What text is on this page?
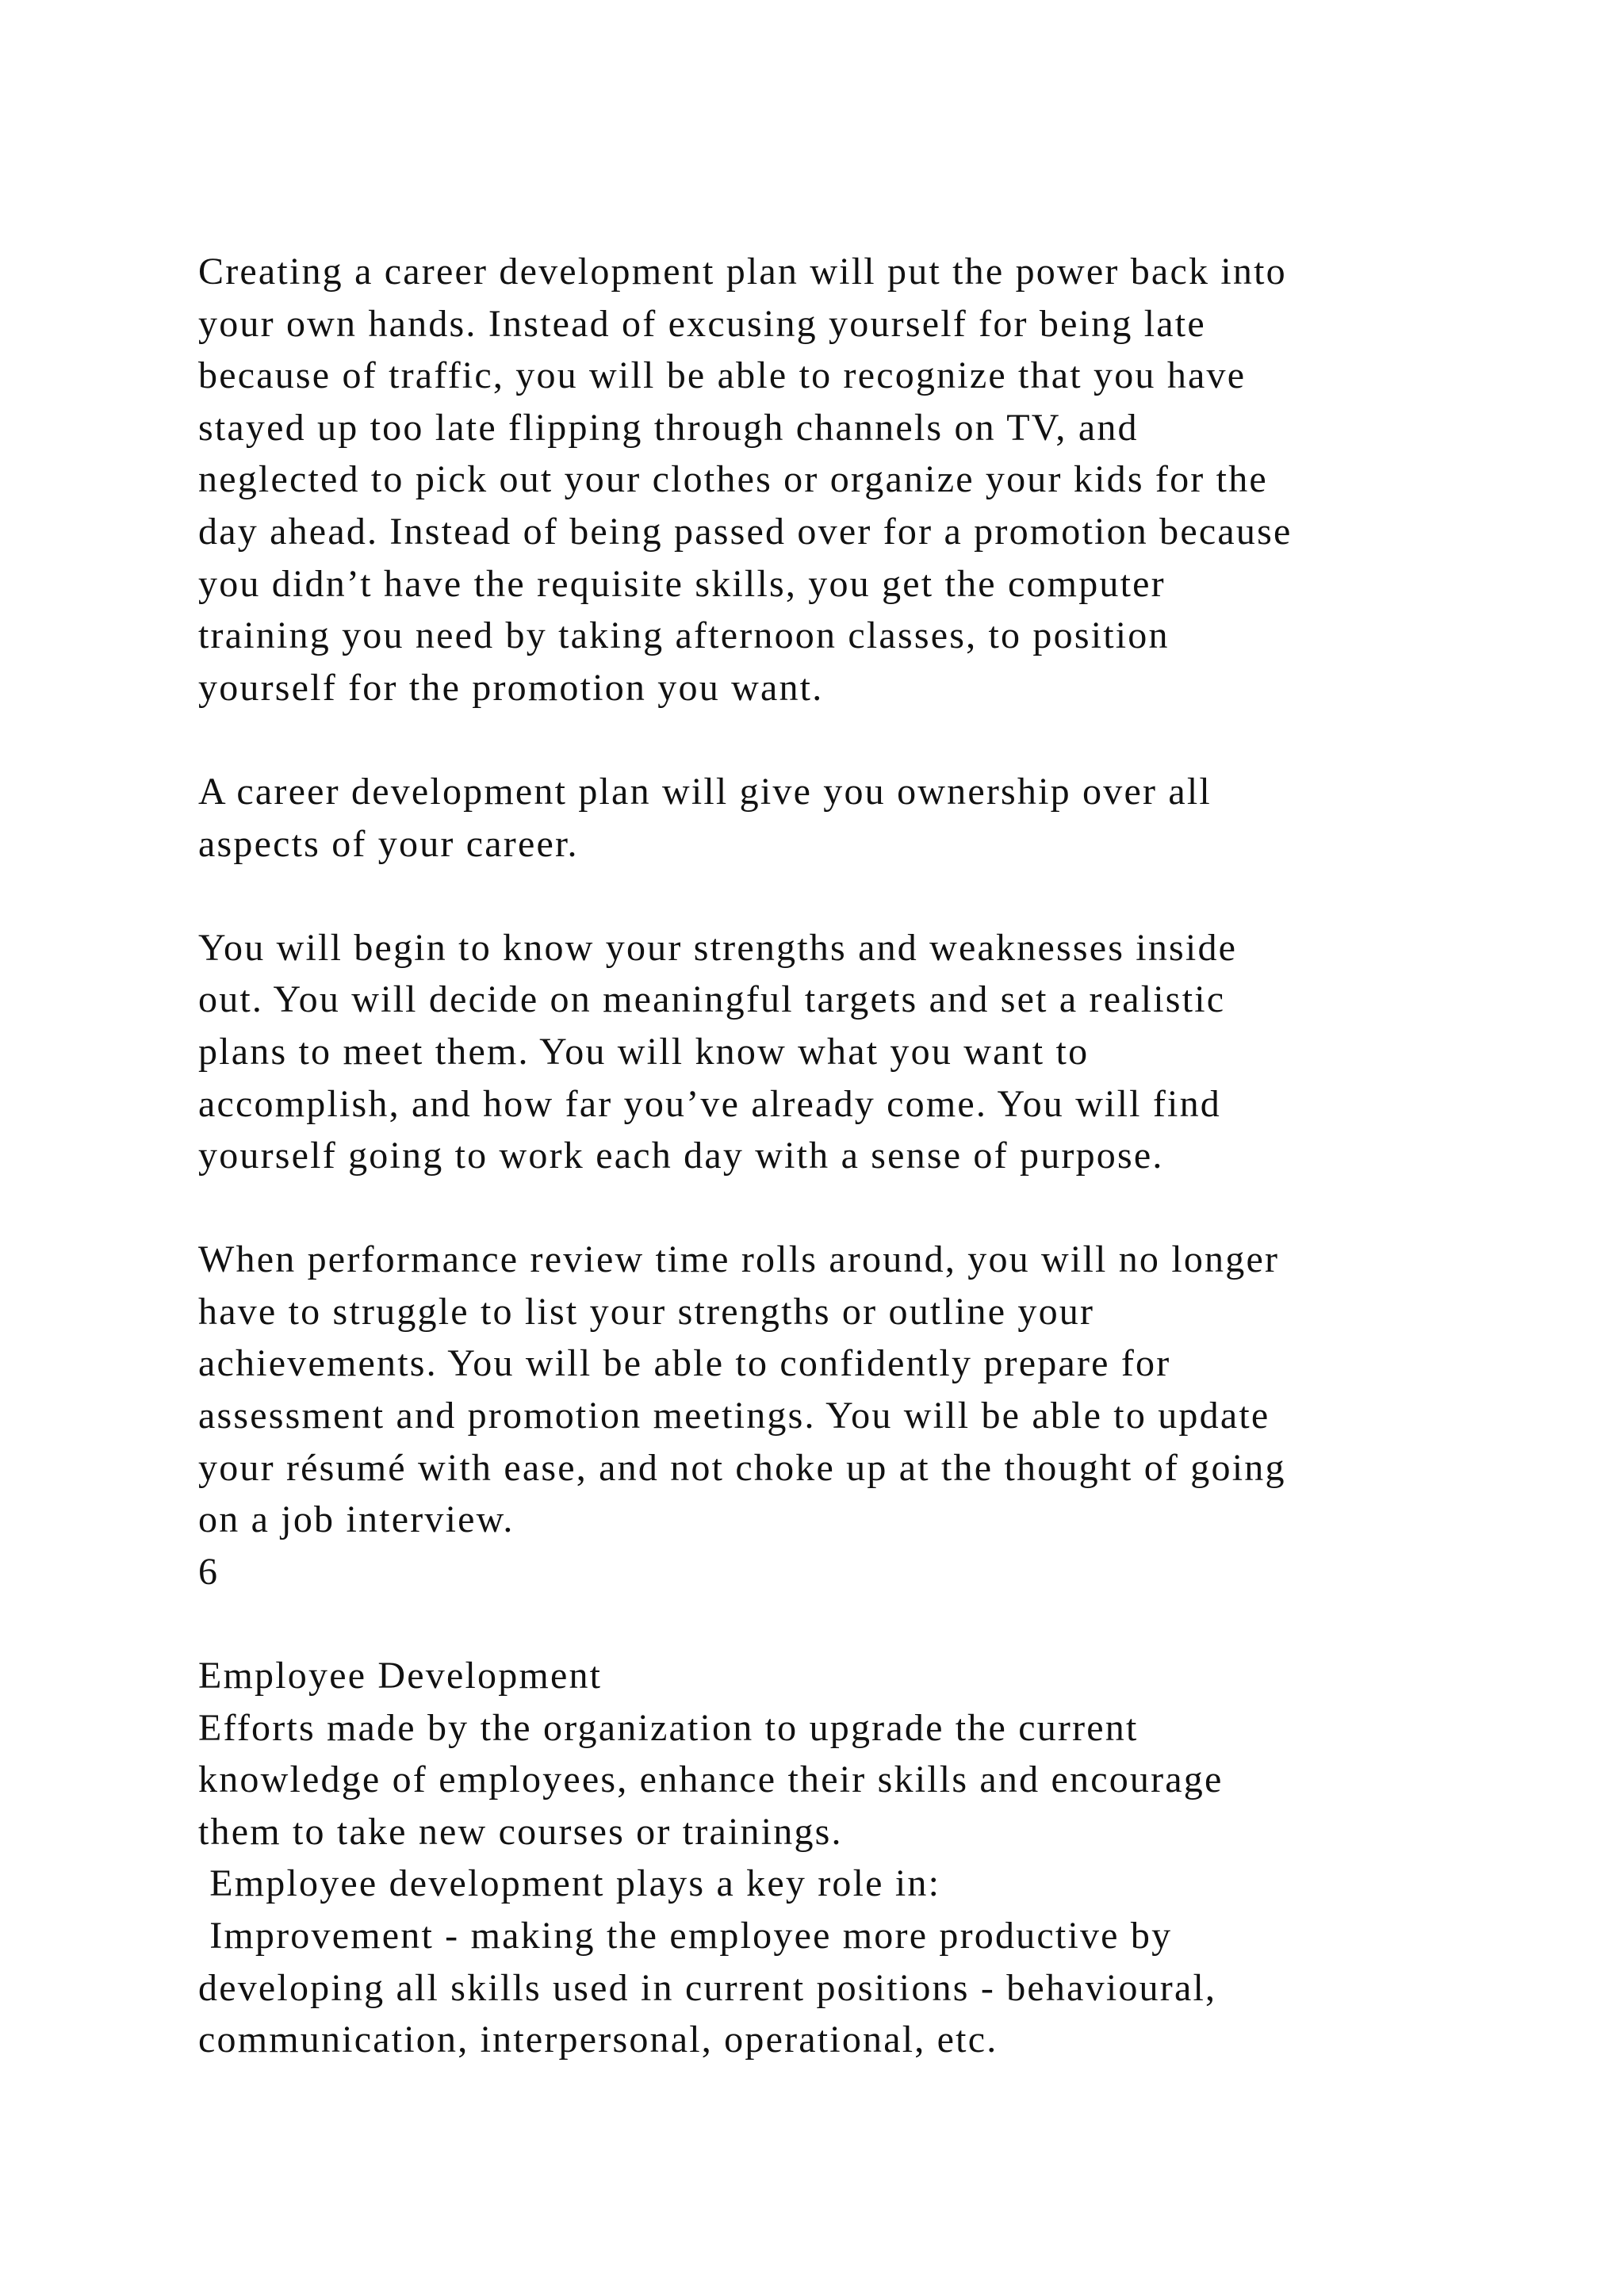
Creating a career development plan will put the power back into
your own hands. Instead of excusing yourself for being late
because of traffic, you will be able to recognize that you have
stayed up too late flipping through channels on TV, and
neglected to pick out your clothes or organize your kids for the
day ahead. Instead of being passed over for a promotion because
you didn’t have the requisite skills, you get the computer
training you need by taking afternoon classes, to position
yourself for the promotion you want.
A career development plan will give you ownership over all
aspects of your career.
You will begin to know your strengths and weaknesses inside
out. You will decide on meaningful targets and set a realistic
plans to meet them. You will know what you want to
accomplish, and how far you’ve already come. You will find
yourself going to work each day with a sense of purpose.
When performance review time rolls around, you will no longer
have to struggle to list your strengths or outline your
achievements. You will be able to confidently prepare for
assessment and promotion meetings. You will be able to update
your résumé with ease, and not choke up at the thought of going
on a job interview.
6
Employee Development
Efforts made by the organization to upgrade the current
knowledge of employees, enhance their skills and encourage
them to take new courses or trainings.
Employee development plays a key role in:
Improvement - making the employee more productive by
developing all skills used in current positions - behavioural,
communication, interpersonal, operational, etc.
